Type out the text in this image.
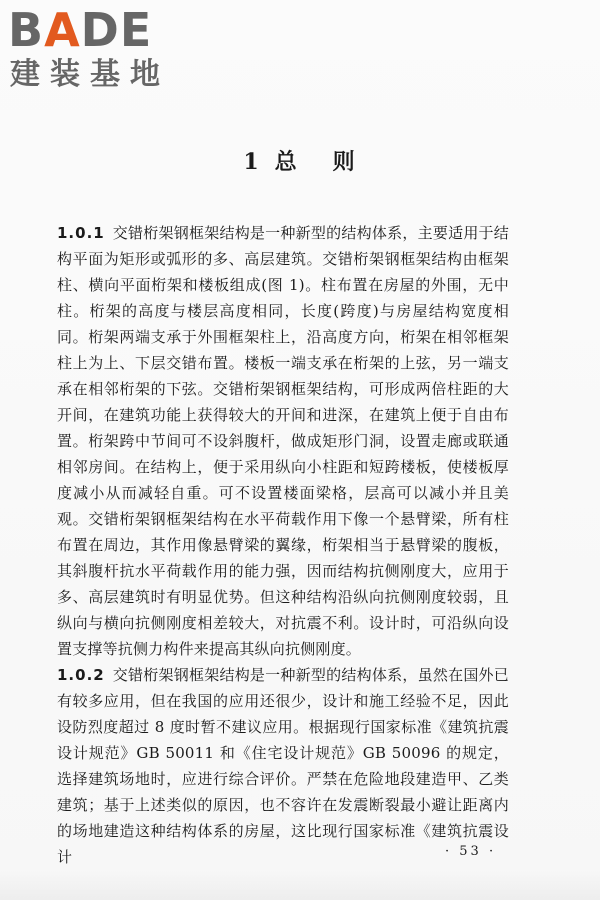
BADE
建装基地
1 总 则

1.0.1 交错桁架钢框架结构是一种新型的结构体系，主要适用于结构平面为矩形或弧形的多、高层建筑。交错桁架钢框架结构由框架柱、横向平面桁架和楼板组成(图 1)。柱布置在房屋的外围，无中柱。桁架的高度与楼层高度相同，长度(跨度)与房屋结构宽度相同。桁架两端支承于外围框架柱上，沿高度方向，桁架在相邻框架柱上为上、下层交错布置。楼板一端支承在桁架的上弦，另一端支承在相邻桁架的下弦。交错桁架钢框架结构，可形成两倍柱距的大开间，在建筑功能上获得较大的开间和进深，在建筑上便于自由布置。桁架跨中节间可不设斜腹杆，做成矩形门洞，设置走廊或联通相邻房间。在结构上，便于采用纵向小柱距和短跨楼板，使楼板厚度减小从而减轻自重。可不设置楼面梁格，层高可以减小并且美观。交错桁架钢框架结构在水平荷载作用下像一个悬臂梁，所有柱布置在周边，其作用像悬臂梁的翼缘，桁架相当于悬臂梁的腹板，其斜腹杆抗水平荷载作用的能力强，因而结构抗侧刚度大，应用于多、高层建筑时有明显优势。但这种结构沿纵向抗侧刚度较弱，且纵向与横向抗侧刚度相差较大，对抗震不利。设计时，可沿纵向设置支撑等抗侧力构件来提高其纵向抗侧刚度。

1.0.2 交错桁架钢框架结构是一种新型的结构体系，虽然在国外已有较多应用，但在我国的应用还很少，设计和施工经验不足，因此设防烈度超过 8 度时暂不建议应用。根据现行国家标准《建筑抗震设计规范》GB 50011 和《住宅设计规范》GB 50096 的规定，选择建筑场地时，应进行综合评价。严禁在危险地段建造甲、乙类建筑；基于上述类似的原因，也不容许在发震断裂最小避让距离内的场地建造这种结构体系的房屋，这比现行国家标准《建筑抗震设计	· 53 ·
